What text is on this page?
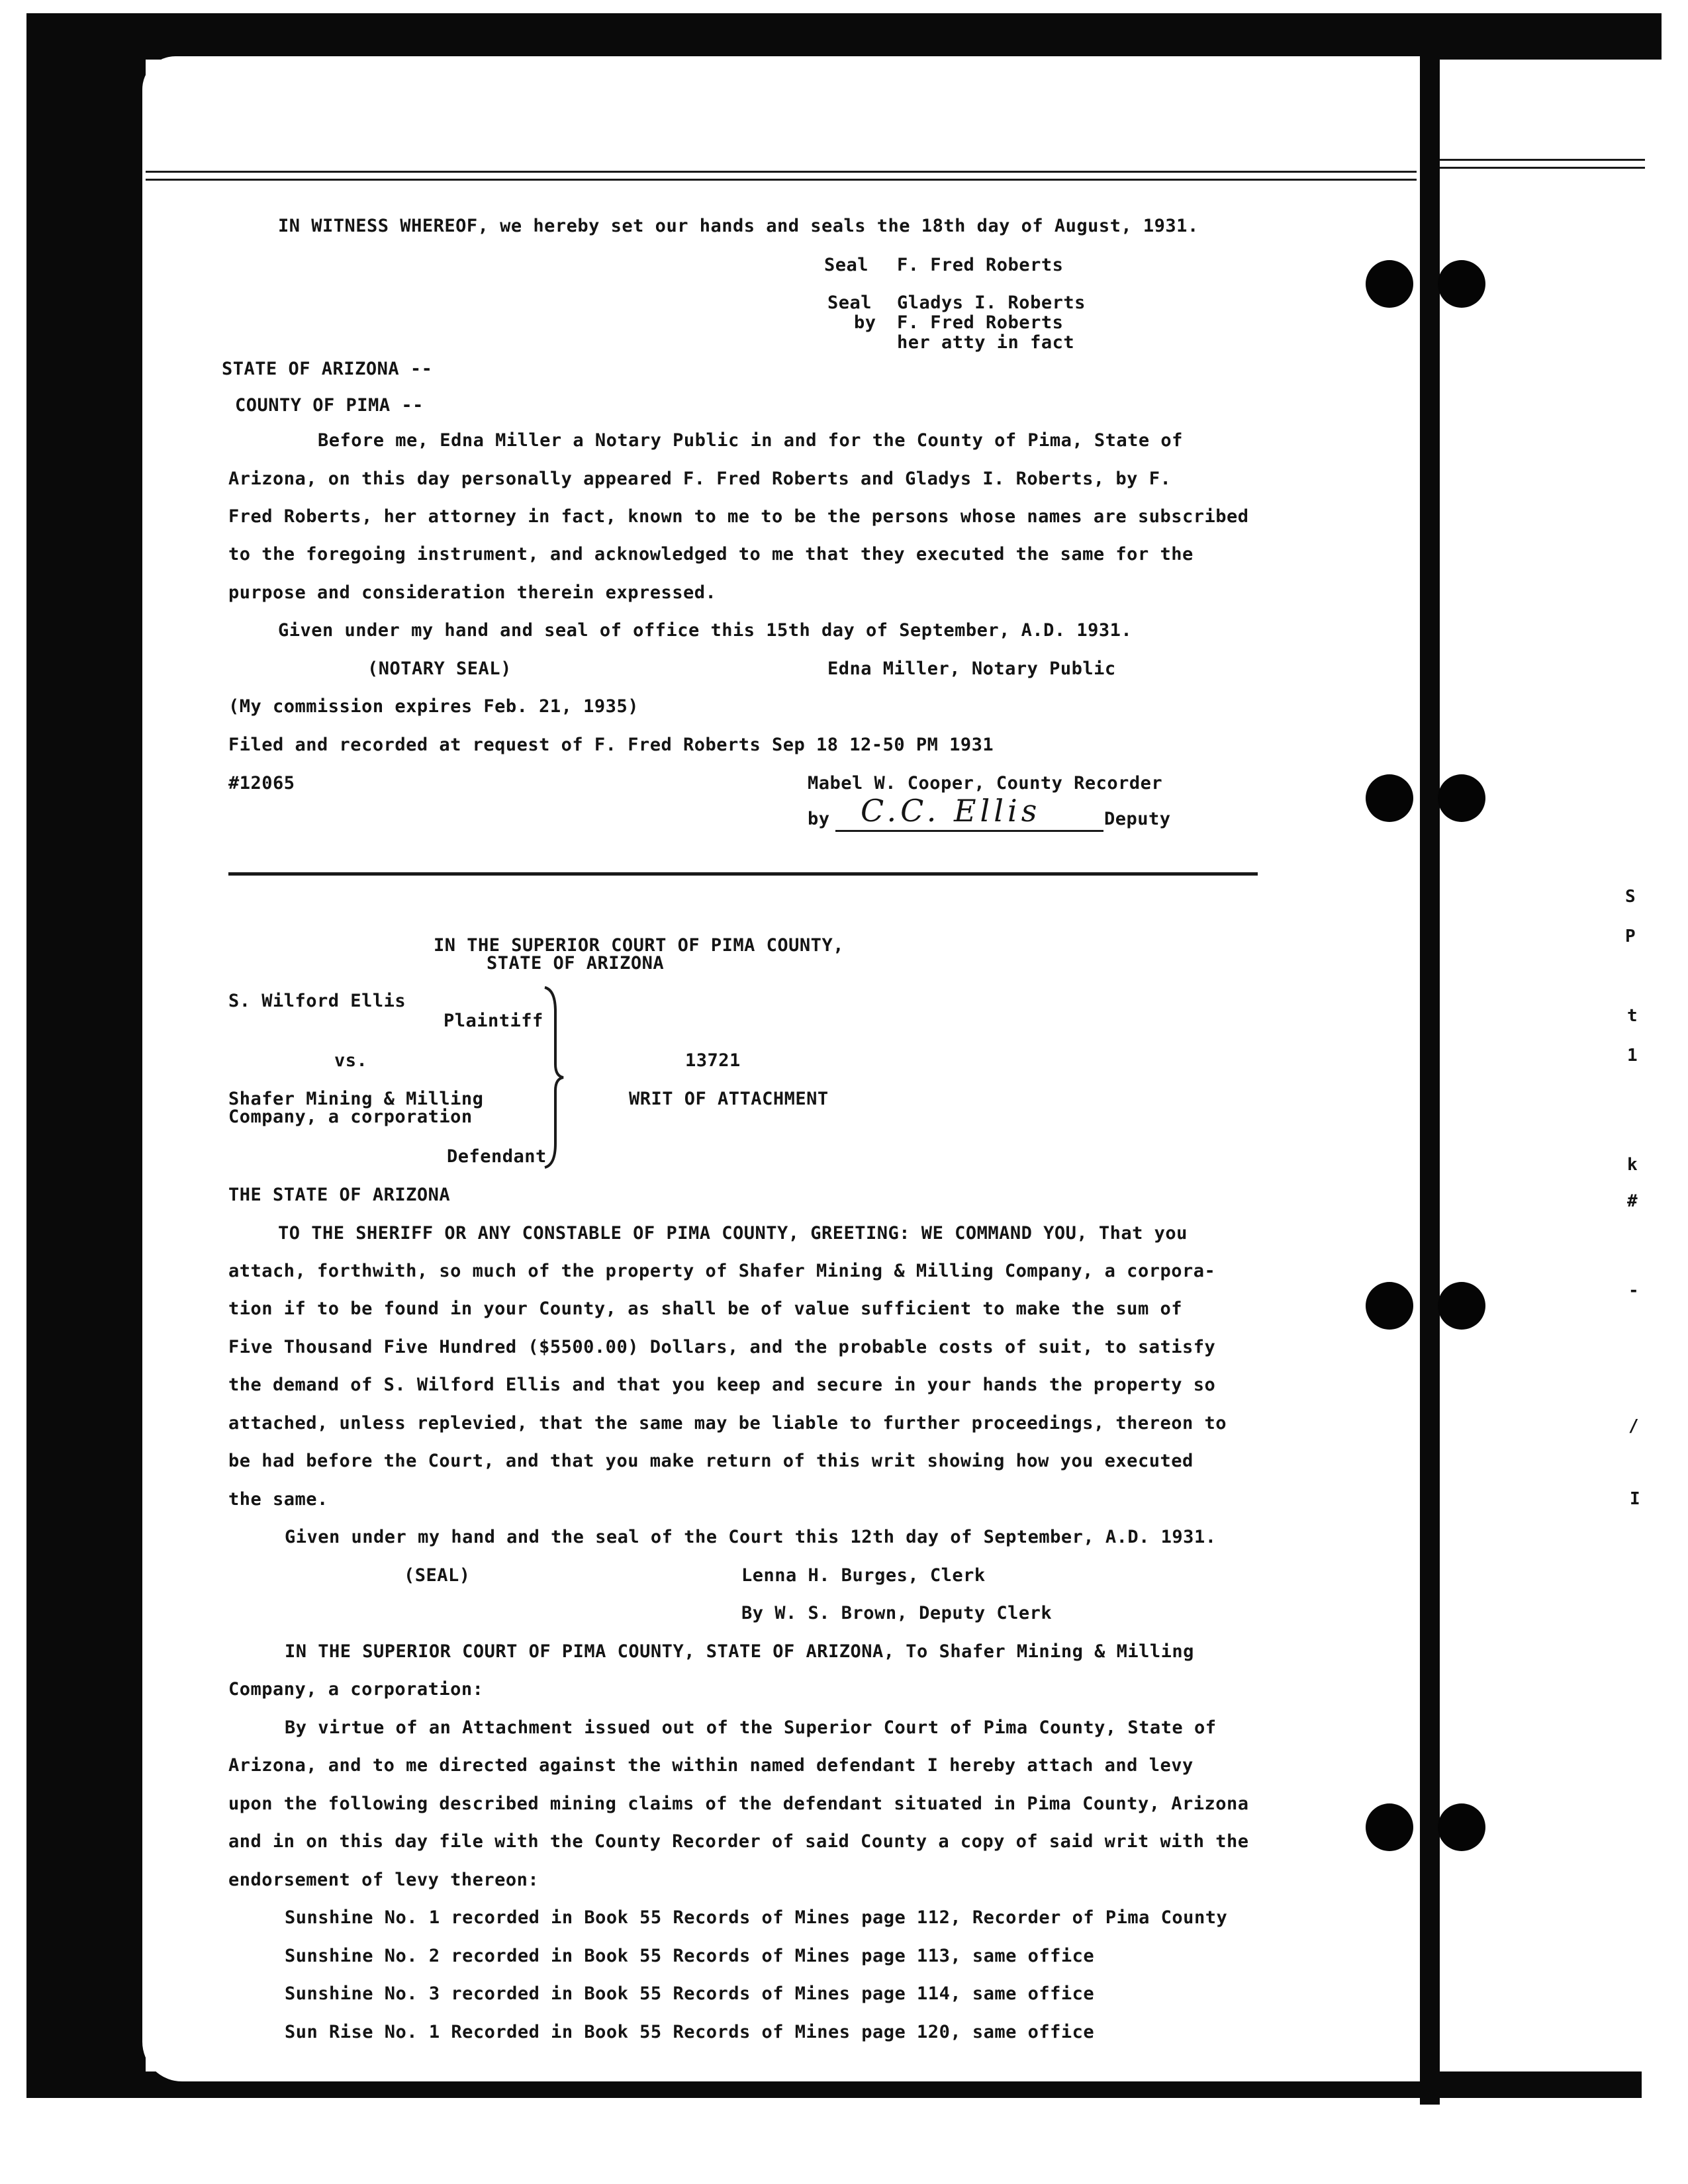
IN WITNESS WHEREOF, we hereby set our hands and seals the 18th day of August, 1931.
Seal F. Fred Roberts
Seal Gladys I. Roberts
by F. Fred Roberts
her atty in fact
STATE OF ARIZONA --
COUNTY OF PIMA --
Before me, Edna Miller a Notary Public in and for the County of Pima, State of
Arizona, on this day personally appeared F. Fred Roberts and Gladys I. Roberts, by F.
Fred Roberts, her attorney in fact, known to me to be the persons whose names are subscribed
to the foregoing instrument, and acknowledged to me that they executed the same for the
purpose and consideration therein expressed.
Given under my hand and seal of office this 15th day of September, A.D. 1931.
(NOTARY SEAL)	Edna Miller, Notary Public
(My commission expires Feb. 21, 1935)
Filed and recorded at request of F. Fred Roberts Sep 18 12-50 PM 1931
#12065	Mabel W. Cooper, County Recorder
by C.C. Ellis	Deputy
IN THE SUPERIOR COURT OF PIMA COUNTY,
STATE OF ARIZONA
S. Wilford Ellis
Plaintiff
vs.	13721
Shafer Mining & Milling
Company, a corporation
WRIT OF ATTACHMENT
Defendant
THE STATE OF ARIZONA
TO THE SHERIFF OR ANY CONSTABLE OF PIMA COUNTY, GREETING: WE COMMAND YOU, That you
attach, forthwith, so much of the property of Shafer Mining & Milling Company, a corpora-
tion if to be found in your County, as shall be of value sufficient to make the sum of
Five Thousand Five Hundred ($5500.00) Dollars, and the probable costs of suit, to satisfy
the demand of S. Wilford Ellis and that you keep and secure in your hands the property so
attached, unless replevied, that the same may be liable to further proceedings, thereon to
be had before the Court, and that you make return of this writ showing how you executed
the same.
Given under my hand and the seal of the Court this 12th day of September, A.D. 1931.
(SEAL)	Lenna H. Burges, Clerk
By W. S. Brown, Deputy Clerk
IN THE SUPERIOR COURT OF PIMA COUNTY, STATE OF ARIZONA, To Shafer Mining & Milling
Company, a corporation:
By virtue of an Attachment issued out of the Superior Court of Pima County, State of
Arizona, and to me directed against the within named defendant I hereby attach and levy
upon the following described mining claims of the defendant situated in Pima County, Arizona
and in on this day file with the County Recorder of said County a copy of said writ with the
endorsement of levy thereon:
Sunshine No. 1 recorded in Book 55 Records of Mines page 112, Recorder of Pima County
Sunshine No. 2 recorded in Book 55 Records of Mines page 113, same office
Sunshine No. 3 recorded in Book 55 Records of Mines page 114, same office
Sun Rise No. 1 Recorded in Book 55 Records of Mines page 120, same office
S
P
t
1
k
#
-
/
I
